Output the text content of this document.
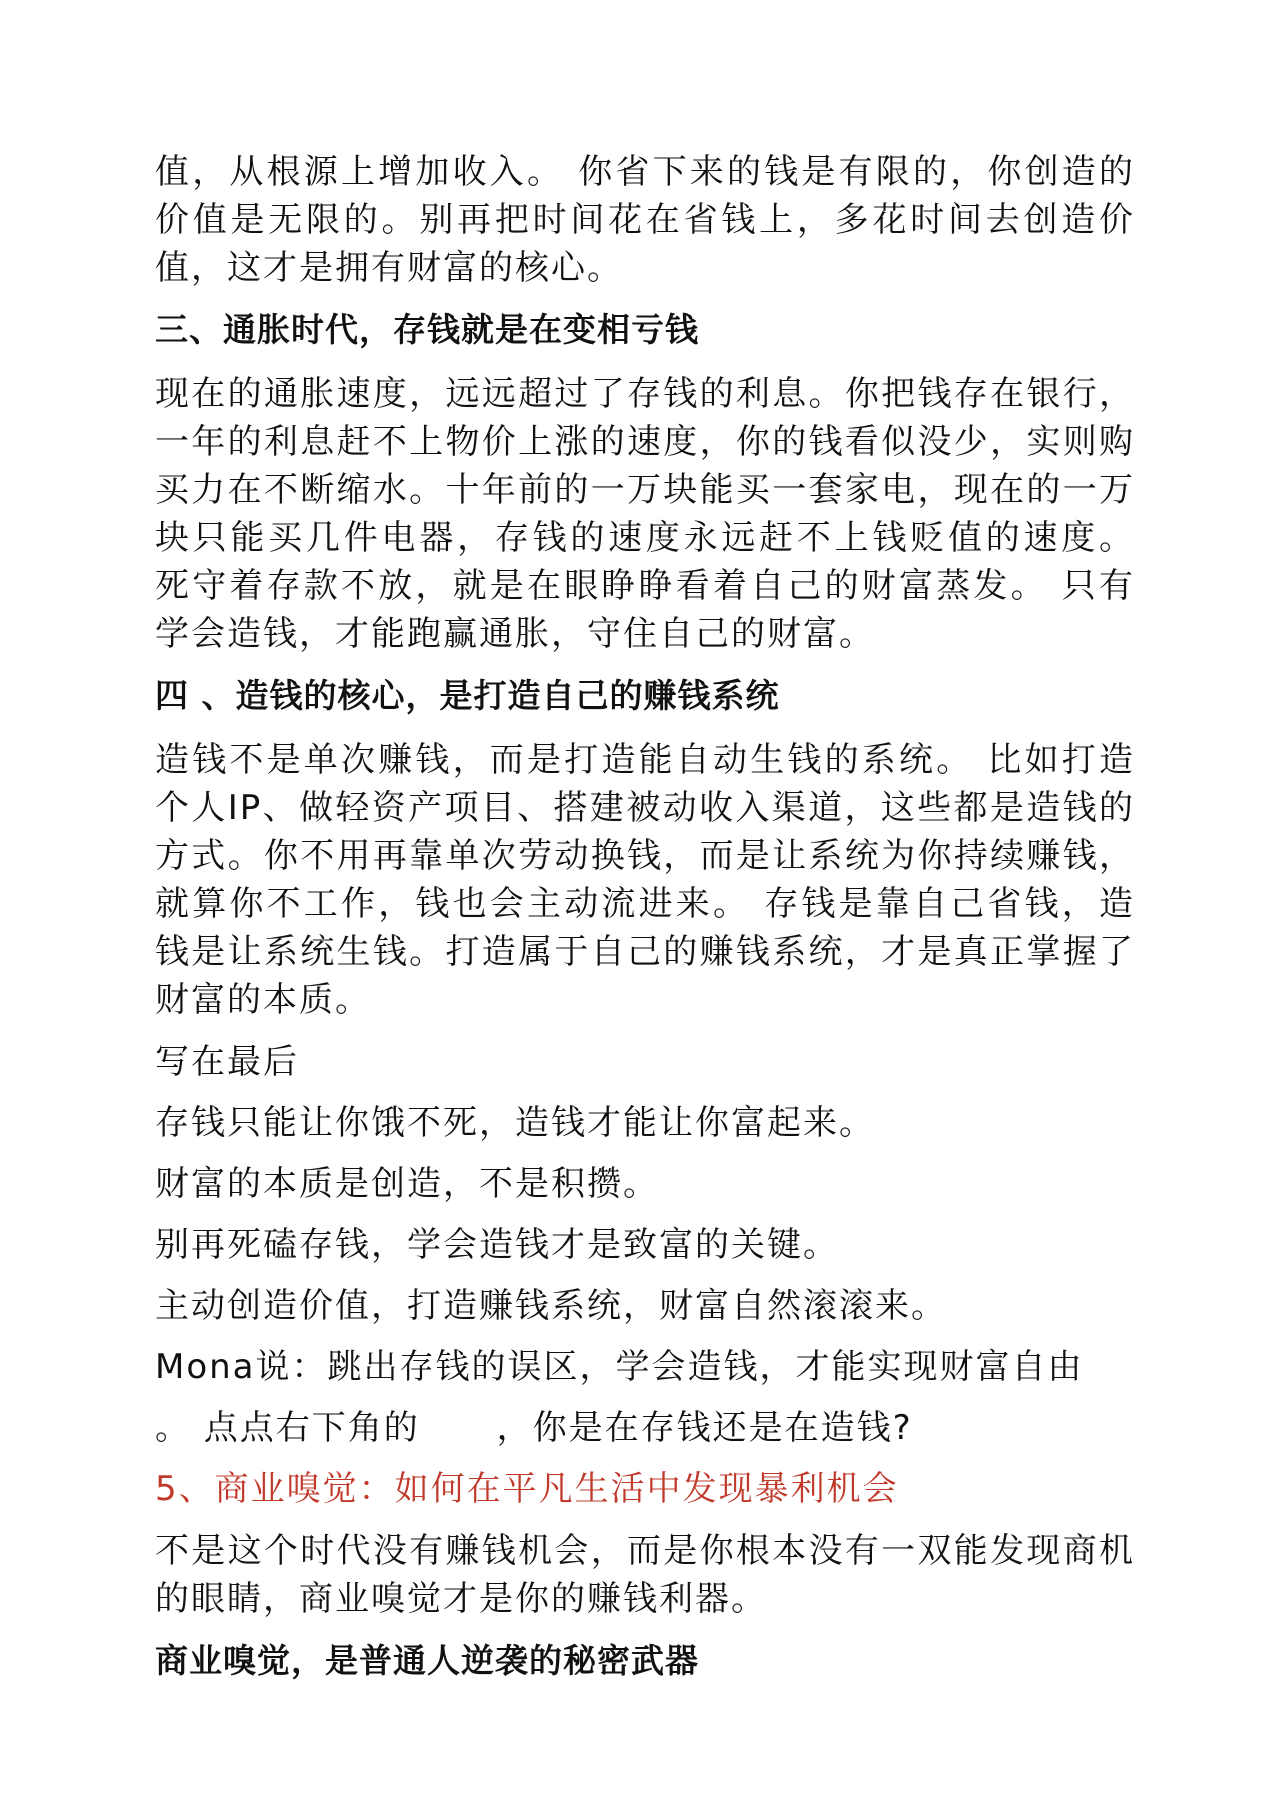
值，从根源上增加收入。 你省下来的钱是有限的，你创造的价值是无限的。别再把时间花在省钱上，多花时间去创造价值，这才是拥有财富的核心。

三、通胀时代，存钱就是在变相亏钱

现在的通胀速度，远远超过了存钱的利息。你把钱存在银行， 一年的利息赶不上物价上涨的速度，你的钱看似没少，实则购买力在不断缩水。十年前的一万块能买一套家电，现在的一万块只能买几件电器，存钱的速度永远赶不上钱贬值的速度。 死守着存款不放，就是在眼睁睁看着自己的财富蒸发。 只有学会造钱，才能跑赢通胀，守住自己的财富。

四 、造钱的核心，是打造自己的赚钱系统

造钱不是单次赚钱，而是打造能自动生钱的系统。 比如打造个人IP、做轻资产项目、搭建被动收入渠道，这些都是造钱的方式。你不用再靠单次劳动换钱，而是让系统为你持续赚钱，就算你不工作，钱也会主动流进来。 存钱是靠自己省钱，造钱是让系统生钱。打造属于自己的赚钱系统，才是真正掌握了财富的本质。

写在最后

存钱只能让你饿不死，造钱才能让你富起来。

财富的本质是创造，不是积攒。

别再死磕存钱，学会造钱才是致富的关键。

主动创造价值，打造赚钱系统，财富自然滚滚来。

Mona说：跳出存钱的误区，学会造钱，才能实现财富自由

。 点点右下角的      ，你是在存钱还是在造钱?

5、商业嗅觉：如何在平凡生活中发现暴利机会

不是这个时代没有赚钱机会，而是你根本没有一双能发现商机的眼睛，商业嗅觉才是你的赚钱利器。

商业嗅觉，是普通人逆袭的秘密武器
